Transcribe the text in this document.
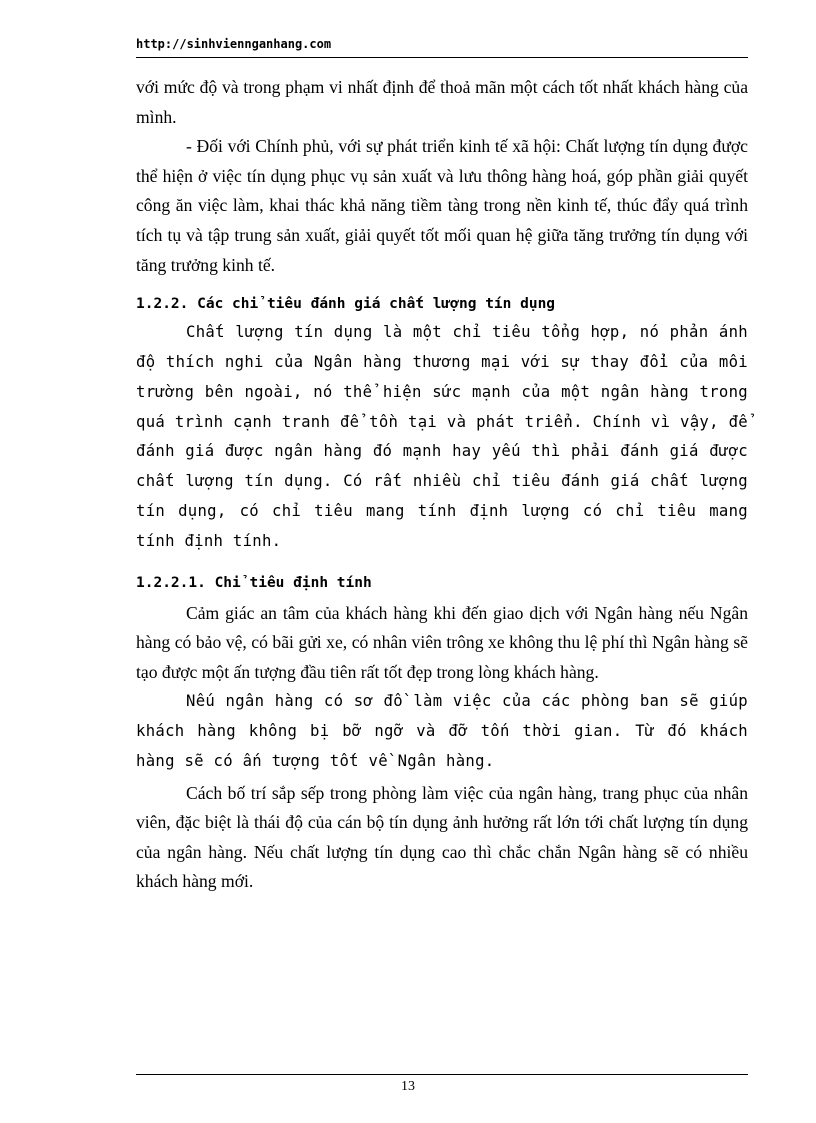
http://sinhviennganhang.com

với mức độ và trong phạm vi nhất định để thoả mãn một cách tốt nhất khách hàng của mình.

- Đối với Chính phủ, với sự phát triển kinh tế xã hội: Chất lượng tín dụng được thể hiện ở việc tín dụng phục vụ sản xuất và lưu thông hàng hoá, góp phần giải quyết công ăn việc làm, khai thác khả năng tiềm tàng trong nền kinh tế, thúc đẩy quá trình tích tụ và tập trung sản xuất, giải quyết tốt mối quan hệ giữa tăng trưởng tín dụng với tăng trưởng kinh tế.

1.2.2. Các chỉ tiêu đánh giá chất lượng tín dụng

Chất lượng tín dụng là một chỉ tiêu tổng hợp, nó phản ánh độ thích nghi của Ngân hàng thương mại với sự thay đổi của môi trường bên ngoài, nó thể hiện sức mạnh của một ngân hàng trong quá trình cạnh tranh để tồn tại và phát triển. Chính vì vậy, để đánh giá được ngân hàng đó mạnh hay yếu thì phải đánh giá được chất lượng tín dụng. Có rất nhiều chỉ tiêu đánh giá chất lượng tín dụng, có chỉ tiêu mang tính định lượng có chỉ tiêu mang tính định tính.

1.2.2.1. Chỉ tiêu định tính

Cảm giác an tâm của khách hàng khi đến giao dịch với Ngân hàng nếu Ngân hàng có bảo vệ, có bãi gửi xe, có nhân viên trông xe không thu lệ phí thì Ngân hàng sẽ tạo được một ấn tượng đầu tiên rất tốt đẹp trong lòng khách hàng.

Nếu ngân hàng có sơ đồ làm việc của các phòng ban sẽ giúp khách hàng không bị bỡ ngỡ và đỡ tốn thời gian. Từ đó khách hàng sẽ có ấn tượng tốt về Ngân hàng.

Cách bố trí sắp sếp trong phòng làm việc của ngân hàng, trang phục của nhân viên, đặc biệt là thái độ của cán bộ tín dụng ảnh hưởng rất lớn tới chất lượng tín dụng của ngân hàng. Nếu chất lượng tín dụng cao thì chắc chắn Ngân hàng sẽ có nhiều khách hàng mới.

13
